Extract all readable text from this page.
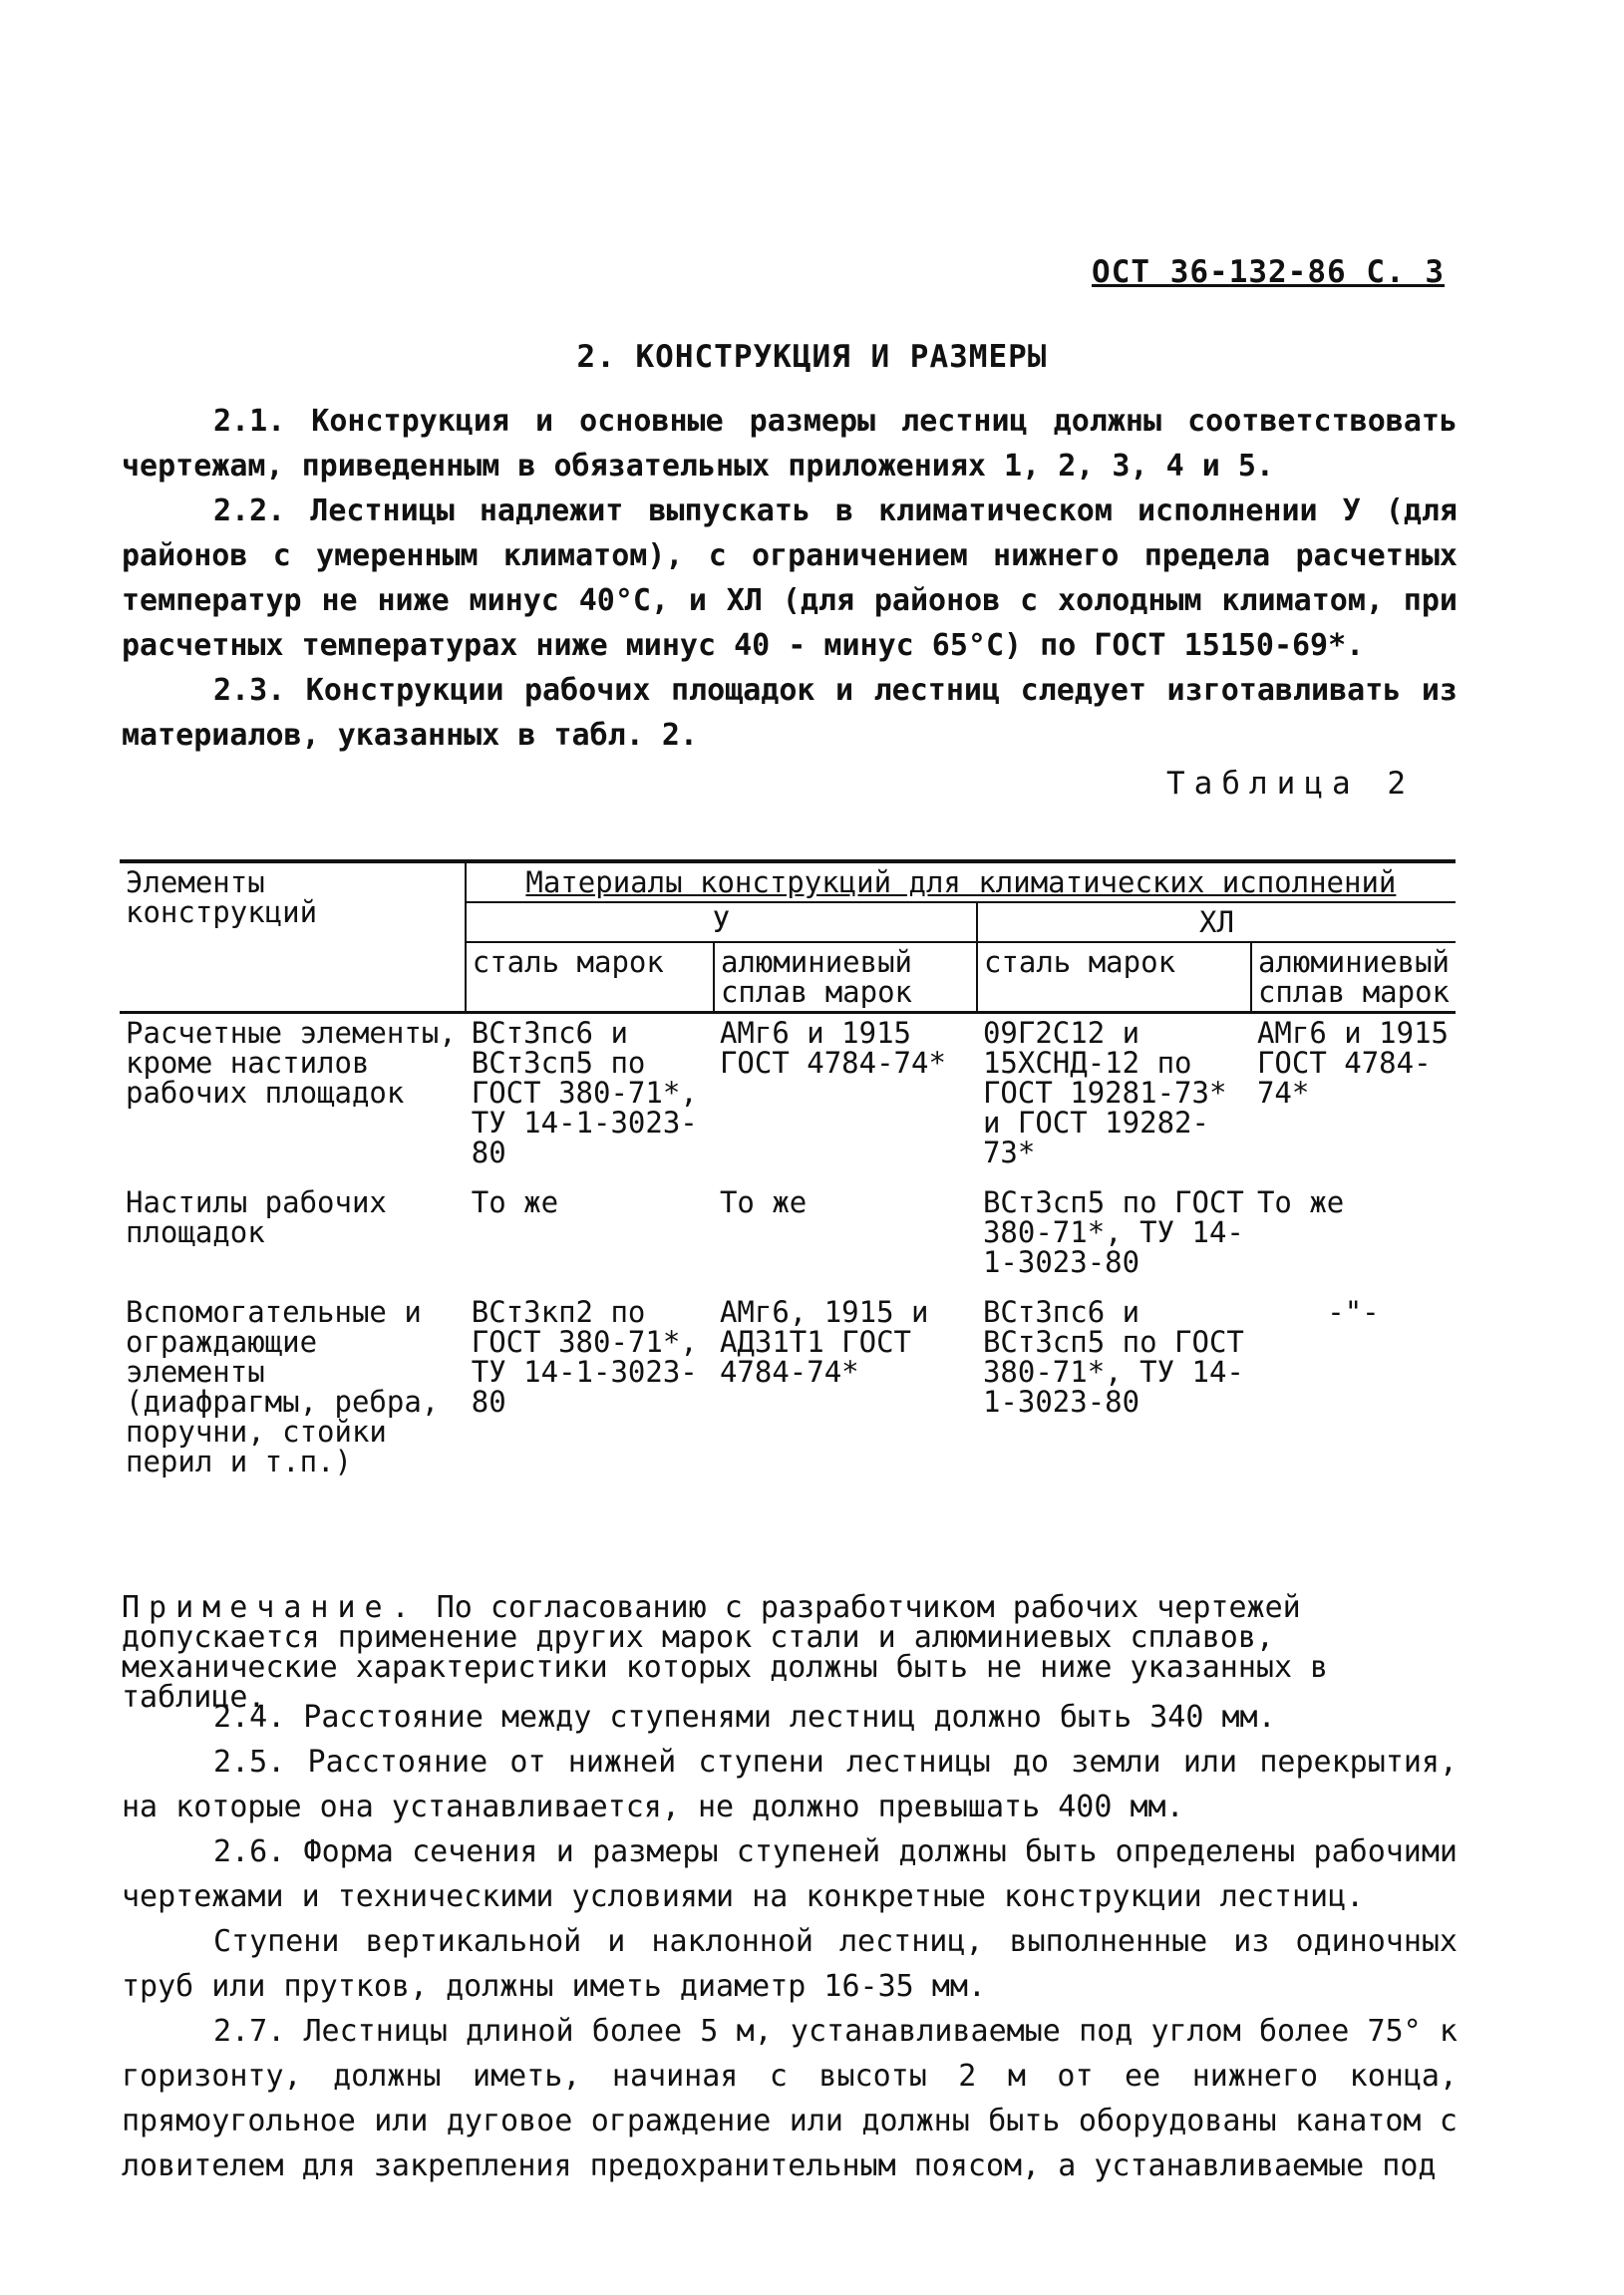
ОСТ 36-132-86 С. 3
2. КОНСТРУКЦИЯ И РАЗМЕРЫ

2.1. Конструкция и основные размеры лестниц должны соответствовать чертежам, приведенным в обязательных приложениях 1, 2, 3, 4 и 5.

2.2. Лестницы надлежит выпускать в климатическом исполнении У (для районов с умеренным климатом), с ограничением нижнего предела расчетных температур не ниже минус 40°С, и ХЛ (для районов с холодным климатом, при расчетных температурах ниже минус 40 - минус 65°С) по ГОСТ 15150-69*.

2.3. Конструкции рабочих площадок и лестниц следует изготавливать из материалов, указанных в табл. 2.

Таблица 2
Элементы конструкций	Материалы конструкций для климатических исполнений			
	У		ХЛ	
	сталь марок	алюминиевый сплав марок	сталь марок	алюминиевый сплав марок
Расчетные элементы, кроме настилов рабочих площадок	ВСт3пс6 и ВСт3сп5 по ГОСТ 380-71*, ТУ 14-1-3023-80	АМг6 и 1915 ГОСТ 4784-74*	09Г2С12 и 15ХСНД-12 по ГОСТ 19281-73* и ГОСТ 19282-73*	АМг6 и 1915 ГОСТ 4784-74*
Настилы рабочих площадок	То же	То же	ВСт3сп5 по ГОСТ 380-71*, ТУ 14-1-3023-80	То же
Вспомогательные и ограждающие элементы (диафрагмы, ребра, поручни, стойки перил и т.п.)	ВСт3кп2 по ГОСТ 380-71*, ТУ 14-1-3023-80	АМг6, 1915 и АД31Т1 ГОСТ 4784-74*	ВСт3пс6 и ВСт3сп5 по ГОСТ 380-71*, ТУ 14-1-3023-80	-"-
Примечание. По согласованию с разработчиком рабочих чертежей допускается применение других марок стали и алюминиевых сплавов, механические характеристики которых должны быть не ниже указанных в таблице.

2.4. Расстояние между ступенями лестниц должно быть 340 мм.

2.5. Расстояние от нижней ступени лестницы до земли или перекрытия, на которые она устанавливается, не должно превышать 400 мм.

2.6. Форма сечения и размеры ступеней должны быть определены рабочими чертежами и техническими условиями на конкретные конструкции лестниц.

Ступени вертикальной и наклонной лестниц, выполненные из одиночных труб или прутков, должны иметь диаметр 16-35 мм.

2.7. Лестницы длиной более 5 м, устанавливаемые под углом более 75° к горизонту, должны иметь, начиная с высоты 2 м от ее нижнего конца, прямоугольное или дуговое ограждение или должны быть оборудованы канатом с ловителем для закрепления предохранительным поясом, а устанавливаемые под
